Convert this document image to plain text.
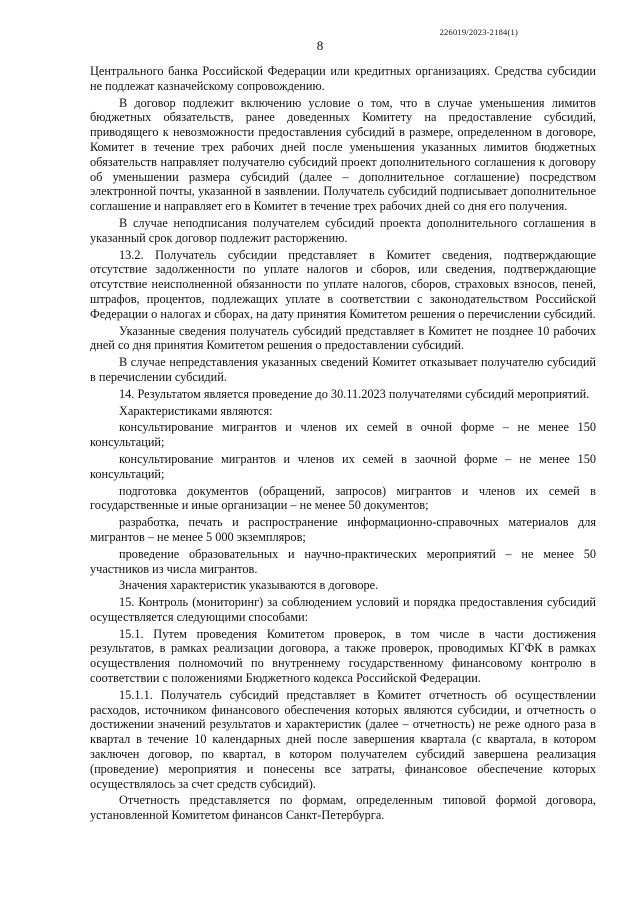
226019/2023-2184(1)
8

Центрального банка Российской Федерации или кредитных организациях. Средства субсидии не подлежат казначейскому сопровождению.

В договор подлежит включению условие о том, что в случае уменьшения лимитов бюджетных обязательств, ранее доведенных Комитету на предоставление субсидий, приводящего к невозможности предоставления субсидий в размере, определенном в договоре, Комитет в течение трех рабочих дней после уменьшения указанных лимитов бюджетных обязательств направляет получателю субсидий проект дополнительного соглашения к договору об уменьшении размера субсидий (далее – дополнительное соглашение) посредством электронной почты, указанной в заявлении. Получатель субсидий подписывает дополнительное соглашение и направляет его в Комитет в течение трех рабочих дней со дня его получения.

В случае неподписания получателем субсидий проекта дополнительного соглашения в указанный срок договор подлежит расторжению.

13.2. Получатель субсидии представляет в Комитет сведения, подтверждающие отсутствие задолженности по уплате налогов и сборов, или сведения, подтверждающие отсутствие неисполненной обязанности по уплате налогов, сборов, страховых взносов, пеней, штрафов, процентов, подлежащих уплате в соответствии с законодательством Российской Федерации о налогах и сборах, на дату принятия Комитетом решения о перечислении субсидий.

Указанные сведения получатель субсидий представляет в Комитет не позднее 10 рабочих дней со дня принятия Комитетом решения о предоставлении субсидий.

В случае непредставления указанных сведений Комитет отказывает получателю субсидий в перечислении субсидий.

14. Результатом является проведение до 30.11.2023 получателями субсидий мероприятий.

Характеристиками являются:

консультирование мигрантов и членов их семей в очной форме – не менее 150 консультаций;

консультирование мигрантов и членов их семей в заочной форме – не менее 150 консультаций;

подготовка документов (обращений, запросов) мигрантов и членов их семей в государственные и иные организации – не менее 50 документов;

разработка, печать и распространение информационно-справочных материалов для мигрантов – не менее 5 000 экземпляров;

проведение образовательных и научно-практических мероприятий – не менее 50 участников из числа мигрантов.

Значения характеристик указываются в договоре.

15. Контроль (мониторинг) за соблюдением условий и порядка предоставления субсидий осуществляется следующими способами:

15.1. Путем проведения Комитетом проверок, в том числе в части достижения результатов, в рамках реализации договора, а также проверок, проводимых КГФК в рамках осуществления полномочий по внутреннему государственному финансовому контролю в соответствии с положениями Бюджетного кодекса Российской Федерации.

15.1.1. Получатель субсидий представляет в Комитет отчетность об осуществлении расходов, источником финансового обеспечения которых являются субсидии, и отчетность о достижении значений результатов и характеристик (далее – отчетность) не реже одного раза в квартал в течение 10 календарных дней после завершения квартала (с квартала, в котором заключен договор, по квартал, в котором получателем субсидий завершена реализация (проведение) мероприятия и понесены все затраты, финансовое обеспечение которых осуществлялось за счет средств субсидий).

Отчетность представляется по формам, определенным типовой формой договора, установленной Комитетом финансов Санкт-Петербурга.
